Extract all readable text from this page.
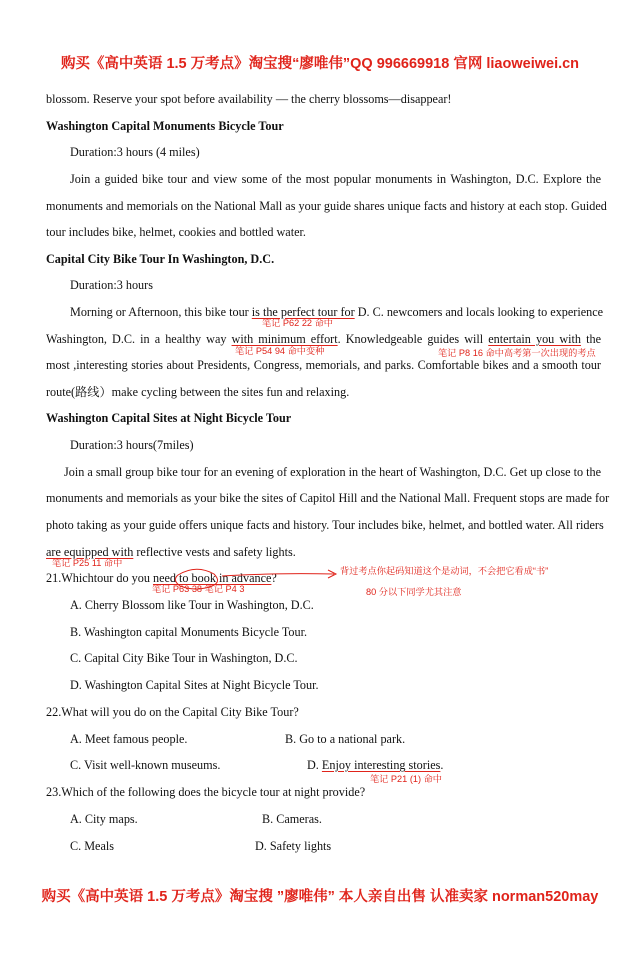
购买《高中英语 1.5 万考点》淘宝搜“廖唯伟”QQ 996669918 官网 liaoweiwei.cn
blossom. Reserve your spot before availability — the cherry blossoms—disappear!
Washington Capital Monuments Bicycle Tour
Duration:3 hours (4 miles)
Join a guided bike tour and view some of the most popular monuments in Washington, D.C. Explore the
monuments and memorials on the National Mall as your guide shares unique facts and history at each stop. Guided
tour includes bike, helmet, cookies and bottled water.
Capital City Bike Tour In Washington, D.C.
Duration:3 hours
Morning or Afternoon, this bike tour is the perfect tour for D. C. newcomers and locals looking to experience
笔记 P62 22 命中
Washington, D.C. in a healthy way with minimum effort. Knowledgeable guides will entertain you with the
笔记 P54 94 命中变种	笔记 P8 16 命中高考第一次出现的考点
most ,interesting stories about Presidents, Congress, memorials, and parks. Comfortable bikes and a smooth tour
route(路线）make cycling between the sites fun and relaxing.
Washington Capital Sites at Night Bicycle Tour
Duration:3 hours(7miles)
Join a small group bike tour for an evening of exploration in the heart of Washington, D.C. Get up close to the
monuments and memorials as your bike the sites of Capitol Hill and the National Mall. Frequent stops are made for
photo taking as your guide offers unique facts and history. Tour includes bike, helmet, and bottled water. All riders
are equipped with reflective vests and safety lights.
笔记 P25 11 命中
21.Whichtour do you need to book in advance?	背过考点你起码知道这个是动词，不会把它看成“书”
笔记 P63 38 笔记 P4 3	80 分以下同学尤其注意
A. Cherry Blossom like Tour in Washington, D.C.
B. Washington capital Monuments Bicycle Tour.
C. Capital City Bike Tour in Washington, D.C.
D. Washington Capital Sites at Night Bicycle Tour.
22.What will you do on the Capital City Bike Tour?
A. Meet famous people.	B. Go to a national park.
C. Visit well-known museums.	D. Enjoy interesting stories.
笔记 P21 (1) 命中
23.Which of the following does the bicycle tour at night provide?
A. City maps.	B. Cameras.
C. Meals	D. Safety lights
购买《高中英语 1.5 万考点》淘宝搜 ”廖唯伟” 本人亲自出售 认准卖家 norman520may
